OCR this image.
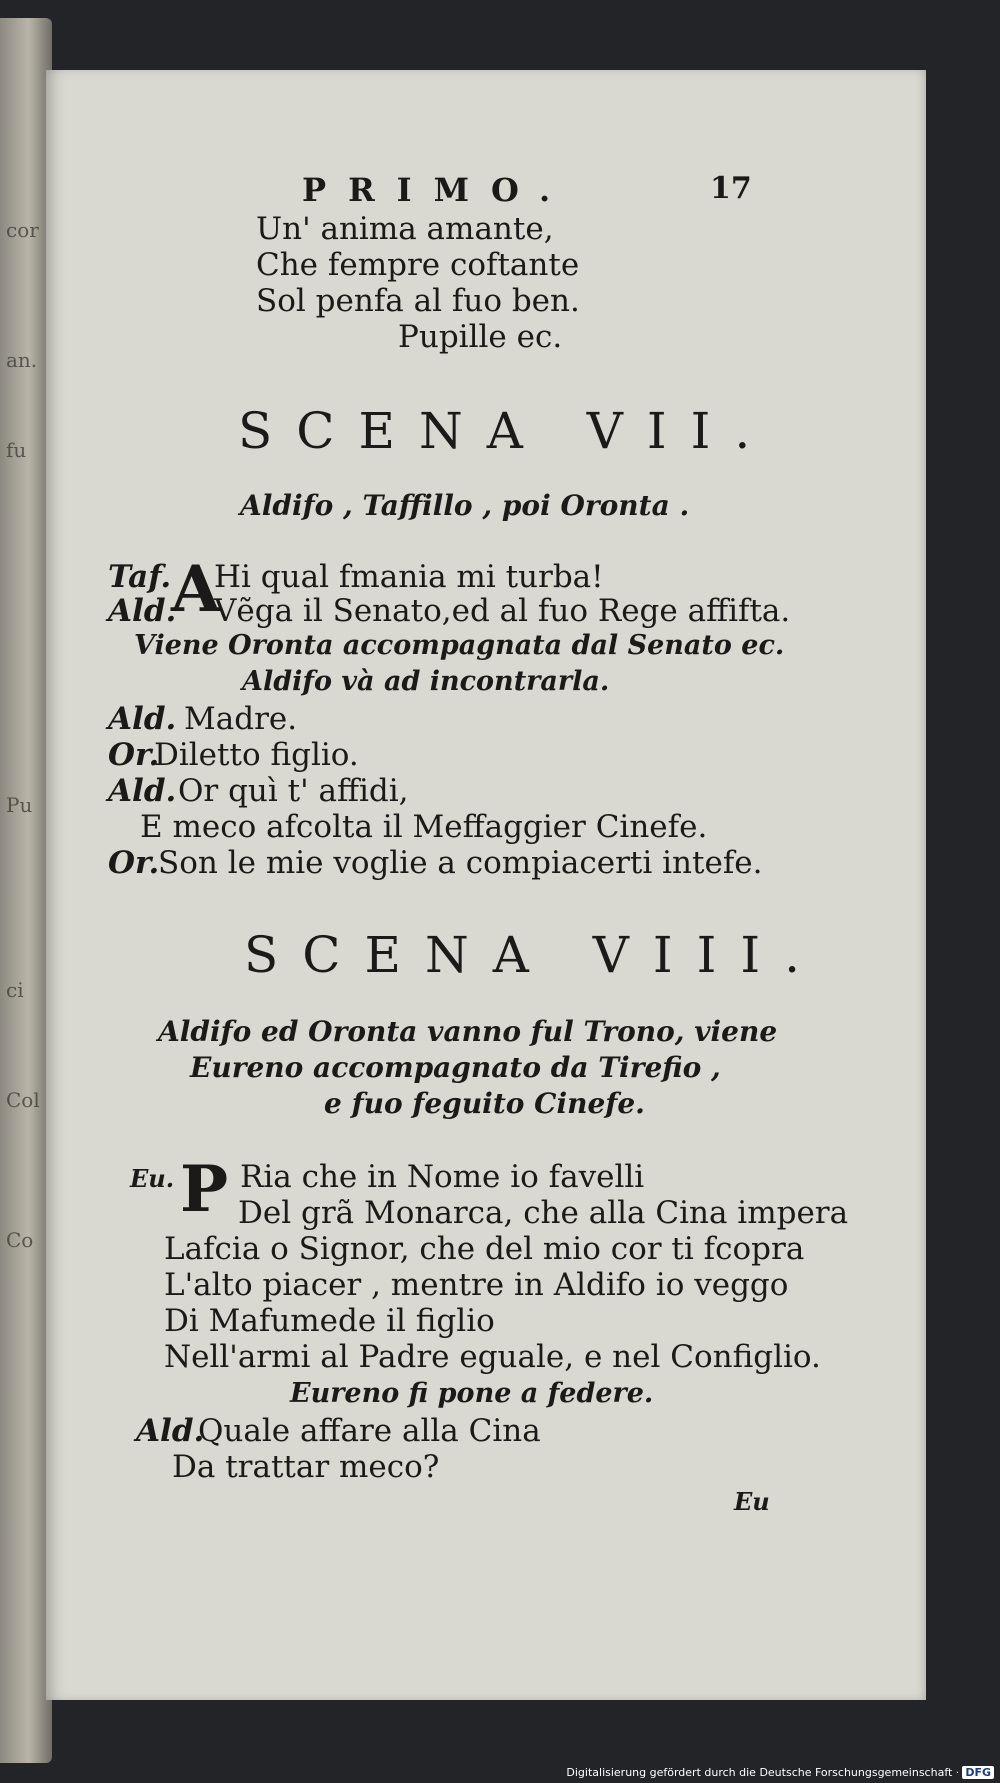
cor
an.
fu
Pu
ci
Col
Co
PRIMO.	17
Un' anima amante,
Che fempre coftante
Sol penfa al fuo ben.
Pupille ec.
SCENA VII.
Aldifo , Taffillo , poi Oronta .
Taf. Hi qual fmania mi turba!
A
Ald. Vẽga il Senato,ed al fuo Rege affifta.
Viene Oronta accompagnata dal Senato ec.
Aldifo và ad incontrarla.
Ald. Madre.
Or.Diletto figlio.
Ald.Or quì t' affidi,
E meco afcolta il Meffaggier Cinefe.
Or.Son le mie voglie a compiacerti intefe.
SCENA VIII.
Aldifo ed Oronta vanno ful Trono, viene
Eureno accompagnato da Tirefio ,
e fuo feguito Cinefe.
Eu. Ria che in Nome io favelli
P Del grã Monarca, che alla Cina impera
Lafcia o Signor, che del mio cor ti fcopra
L'alto piacer , mentre in Aldifo io veggo
Di Mafumede il figlio
Nell'armi al Padre eguale, e nel Configlio.
Eureno fi pone a federe.
Ald.Quale affare alla Cina
Da trattar meco?
Eu
Digitalisierung gefördert durch die Deutsche Forschungsgemeinschaft · DFG
